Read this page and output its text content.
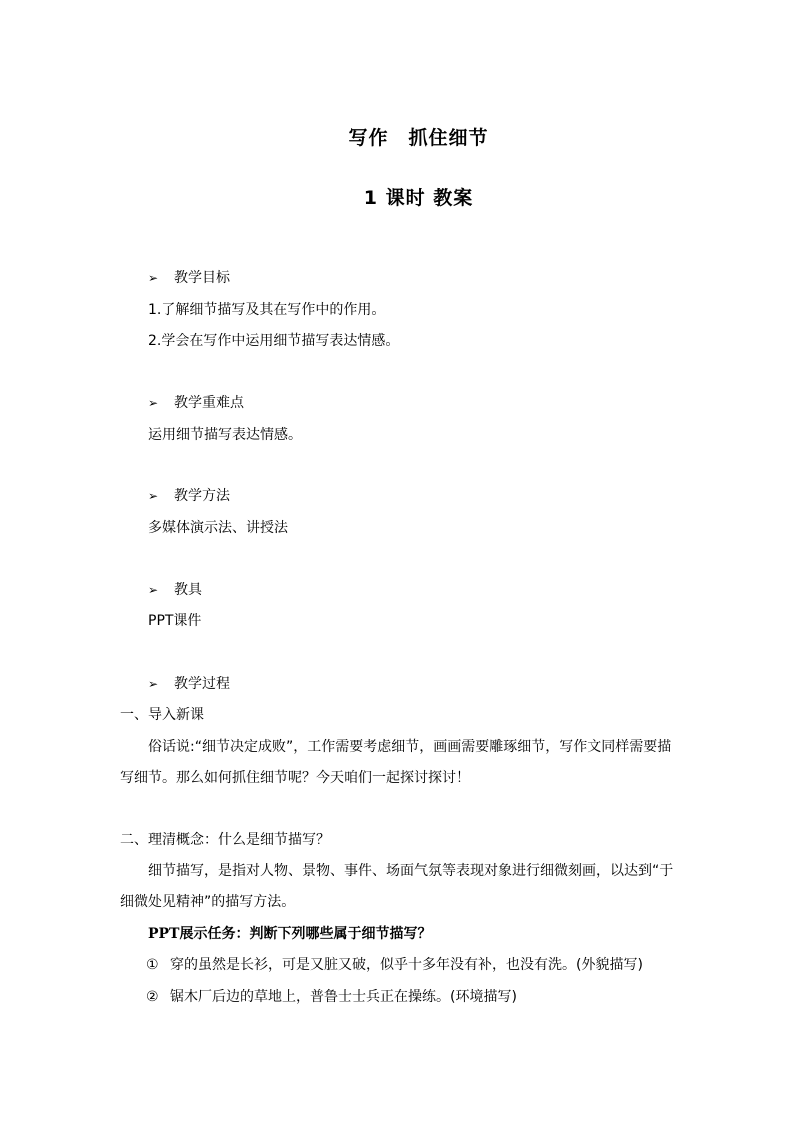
写作　抓住细节
1 课时 教案
➢ 教学目标
1.了解细节描写及其在写作中的作用。
2.学会在写作中运用细节描写表达情感。
➢ 教学重难点
运用细节描写表达情感。
➢ 教学方法
多媒体演示法、讲授法
➢ 教具
PPT课件
➢ 教学过程
一、导入新课
俗话说:“细节决定成败”，工作需要考虑细节，画画需要雕琢细节，写作文同样需要描
写细节。那么如何抓住细节呢？今天咱们一起探讨探讨！
二、理清概念：什么是细节描写？
细节描写，是指对人物、景物、事件、场面气氛等表现对象进行细微刻画，以达到“于
细微处见精神”的描写方法。
PPT展示任务：判断下列哪些属于细节描写？
① 穿的虽然是长衫，可是又脏又破，似乎十多年没有补，也没有洗。(外貌描写)
② 锯木厂后边的草地上，普鲁士士兵正在操练。(环境描写)
